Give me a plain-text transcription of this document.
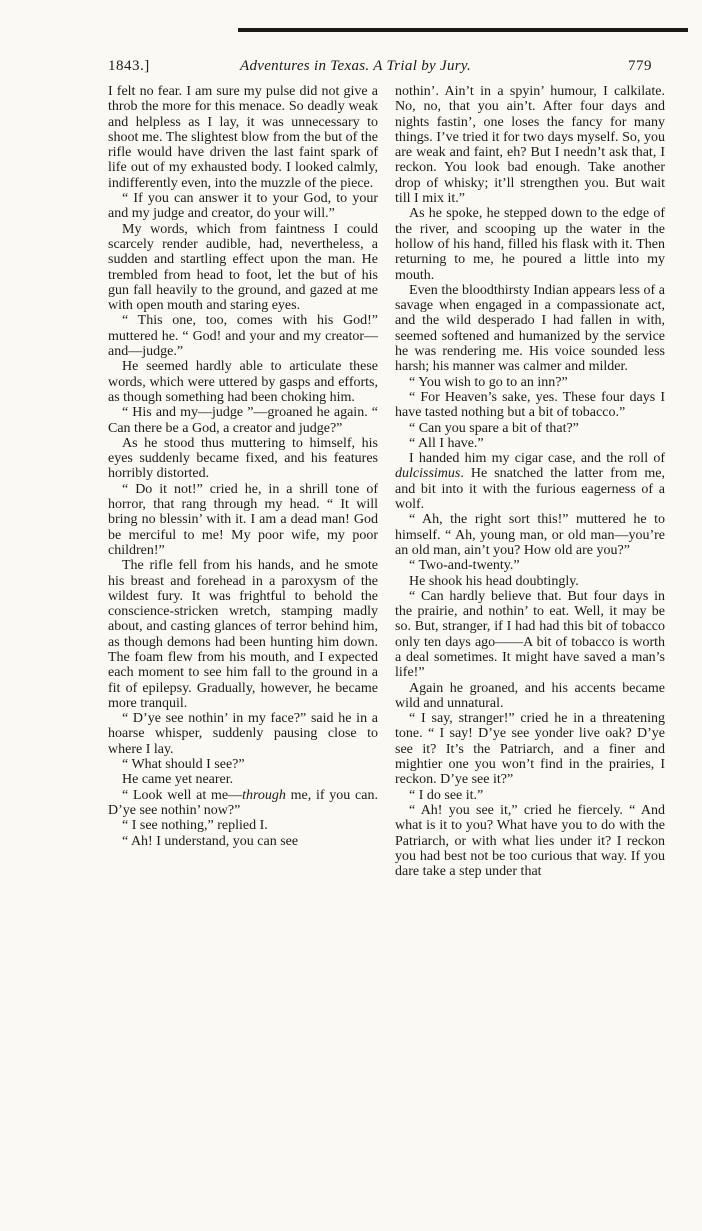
1843.]	Adventures in Texas. A Trial by Jury.	779

I felt no fear. I am sure my pulse did not give a throb the more for this menace. So deadly weak and helpless as I lay, it was unnecessary to shoot me. The slightest blow from the but of the rifle would have driven the last faint spark of life out of my exhausted body. I looked calmly, indifferently even, into the muzzle of the piece.

“ If you can answer it to your God, to your and my judge and creator, do your will.”

My words, which from faintness I could scarcely render audible, had, nevertheless, a sudden and startling effect upon the man. He trembled from head to foot, let the but of his gun fall heavily to the ground, and gazed at me with open mouth and staring eyes.

“ This one, too, comes with his God!” muttered he. “ God! and your and my creator—and—judge.”

He seemed hardly able to articulate these words, which were uttered by gasps and efforts, as though something had been choking him.

“ His and my—judge ”—groaned he again. “ Can there be a God, a creator and judge?”

As he stood thus muttering to himself, his eyes suddenly became fixed, and his features horribly distorted.

“ Do it not!” cried he, in a shrill tone of horror, that rang through my head. “ It will bring no blessin’ with it. I am a dead man! God be merciful to me! My poor wife, my poor children!”

The rifle fell from his hands, and he smote his breast and forehead in a paroxysm of the wildest fury. It was frightful to behold the conscience-stricken wretch, stamping madly about, and casting glances of terror behind him, as though demons had been hunting him down. The foam flew from his mouth, and I expected each moment to see him fall to the ground in a fit of epilepsy. Gradually, however, he became more tranquil.

“ D’ye see nothin’ in my face?” said he in a hoarse whisper, suddenly pausing close to where I lay.

“ What should I see?”

He came yet nearer.

“ Look well at me—through me, if you can. D’ye see nothin’ now?”

“ I see nothing,” replied I.

“ Ah! I understand, you can see

nothin’. Ain’t in a spyin’ humour, I calkilate. No, no, that you ain’t. After four days and nights fastin’, one loses the fancy for many things. I’ve tried it for two days myself. So, you are weak and faint, eh? But I needn’t ask that, I reckon. You look bad enough. Take another drop of whisky; it’ll strengthen you. But wait till I mix it.”

As he spoke, he stepped down to the edge of the river, and scooping up the water in the hollow of his hand, filled his flask with it. Then returning to me, he poured a little into my mouth.

Even the bloodthirsty Indian appears less of a savage when engaged in a compassionate act, and the wild desperado I had fallen in with, seemed softened and humanized by the service he was rendering me. His voice sounded less harsh; his manner was calmer and milder.

“ You wish to go to an inn?”

“ For Heaven’s sake, yes. These four days I have tasted nothing but a bit of tobacco.”

“ Can you spare a bit of that?”

“ All I have.”

I handed him my cigar case, and the roll of dulcissimus. He snatched the latter from me, and bit into it with the furious eagerness of a wolf.

“ Ah, the right sort this!” muttered he to himself. “ Ah, young man, or old man—you’re an old man, ain’t you? How old are you?”

“ Two-and-twenty.”

He shook his head doubtingly.

“ Can hardly believe that. But four days in the prairie, and nothin’ to eat. Well, it may be so. But, stranger, if I had had this bit of tobacco only ten days ago——A bit of tobacco is worth a deal sometimes. It might have saved a man’s life!”

Again he groaned, and his accents became wild and unnatural.

“ I say, stranger!” cried he in a threatening tone. “ I say! D’ye see yonder live oak? D’ye see it? It’s the Patriarch, and a finer and mightier one you won’t find in the prairies, I reckon. D’ye see it?”

“ I do see it.”

“ Ah! you see it,” cried he fiercely. “ And what is it to you? What have you to do with the Patriarch, or with what lies under it? I reckon you had best not be too curious that way. If you dare take a step under that
